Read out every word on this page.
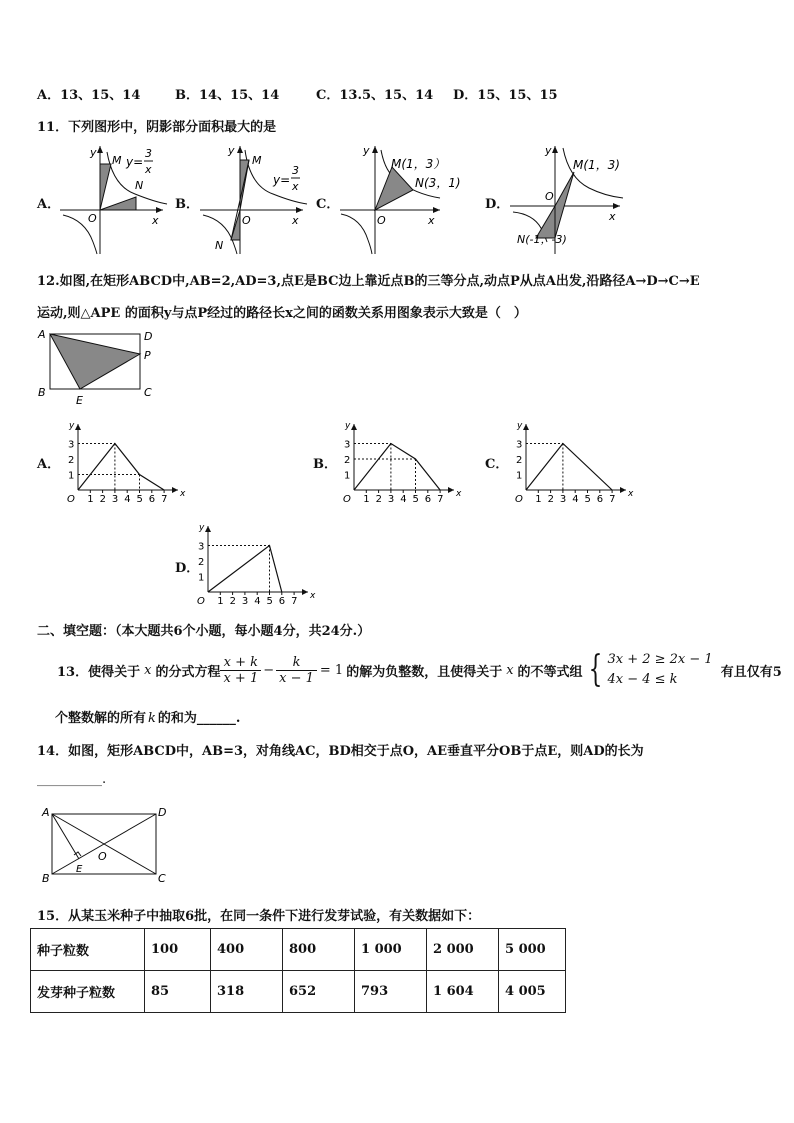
A．13、15、14	B．14、15、14	C．13.5、15、14 D．15、15、15
11．下列图形中，阴影部分面积最大的是
A．	B．	C．	D．
y
M y=
3
x
N
O	x
y
M
y=
3
x
O
N
x
y
M(1，3）
N(3，1)
O	x
y
M(1，3)
O
N(-1，-3)
x
12.如图,在矩形ABCD中,AB=2,AD=3,点E是BC边上靠近点B的三等分点,动点P从点A出发,沿路径A→D→C→E
运动,则△APE 的面积y与点P经过的路径长x之间的函数关系用图象表示大致是（　）
A	D
P
B	C
E
A．	B．	C．
D．
1 2 3 4 5 6 7
1
2
3
O	x
y
1 2 3 4 5 6 7
1
2
3
O	x
y
1 2 3 4 5 6 7
1
2
3
O	x
y
1 2 3 4 5 6 7
1
2
3
O	x
y
二、填空题：（本大题共6个小题，每小题4分，共24分.）
13．使得关于 x 的分式方程 $\frac{x + k}{x + 1} - \frac{k}{x - 1} = 1$ 的解为负整数，且使得关于 x 的不等式组 { 3x + 2 ≥ 2x − 1
4x − 4 ≤ k	有且仅有5
个整数解的所有 k 的和为______.
14．如图，矩形ABCD中，AB=3，对角线AC，BD相交于点O，AE垂直平分OB于点E，则AD的长为
__________.
A	D
B	C
E
O
15．从某玉米种子中抽取6批，在同一条件下进行发芽试验，有关数据如下：
种子粒数	100	400	800	1 000	2 000	5 000
发芽种子粒数	85	318	652	793	1 604	4 005
